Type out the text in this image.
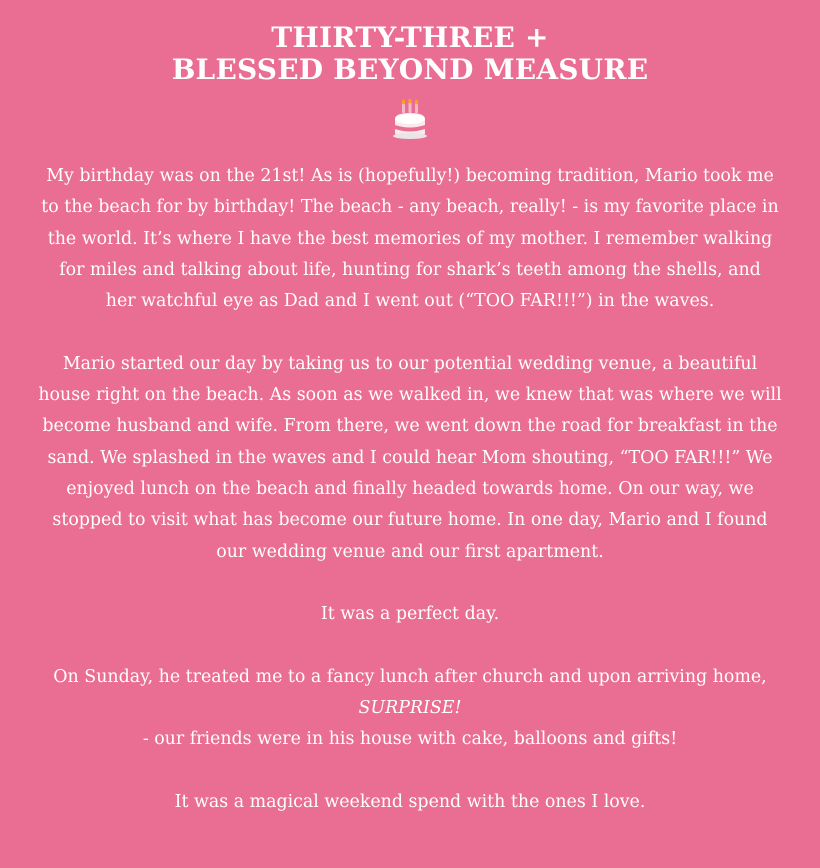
THIRTY-THREE +
BLESSED BEYOND MEASURE

My birthday was on the 21st! As is (hopefully!) becoming tradition, Mario took me
to the beach for by birthday! The beach - any beach, really! - is my favorite place in
the world. It’s where I have the best memories of my mother. I remember walking
for miles and talking about life, hunting for shark’s teeth among the shells, and
her watchful eye as Dad and I went out (“TOO FAR!!!”) in the waves.

Mario started our day by taking us to our potential wedding venue, a beautiful
house right on the beach. As soon as we walked in, we knew that was where we will
become husband and wife. From there, we went down the road for breakfast in the
sand. We splashed in the waves and I could hear Mom shouting, “TOO FAR!!!” We
enjoyed lunch on the beach and finally headed towards home. On our way, we
stopped to visit what has become our future home. In one day, Mario and I found
our wedding venue and our first apartment.

It was a perfect day.

On Sunday, he treated me to a fancy lunch after church and upon arriving home,
SURPRISE!
- our friends were in his house with cake, balloons and gifts!

It was a magical weekend spend with the ones I love.
